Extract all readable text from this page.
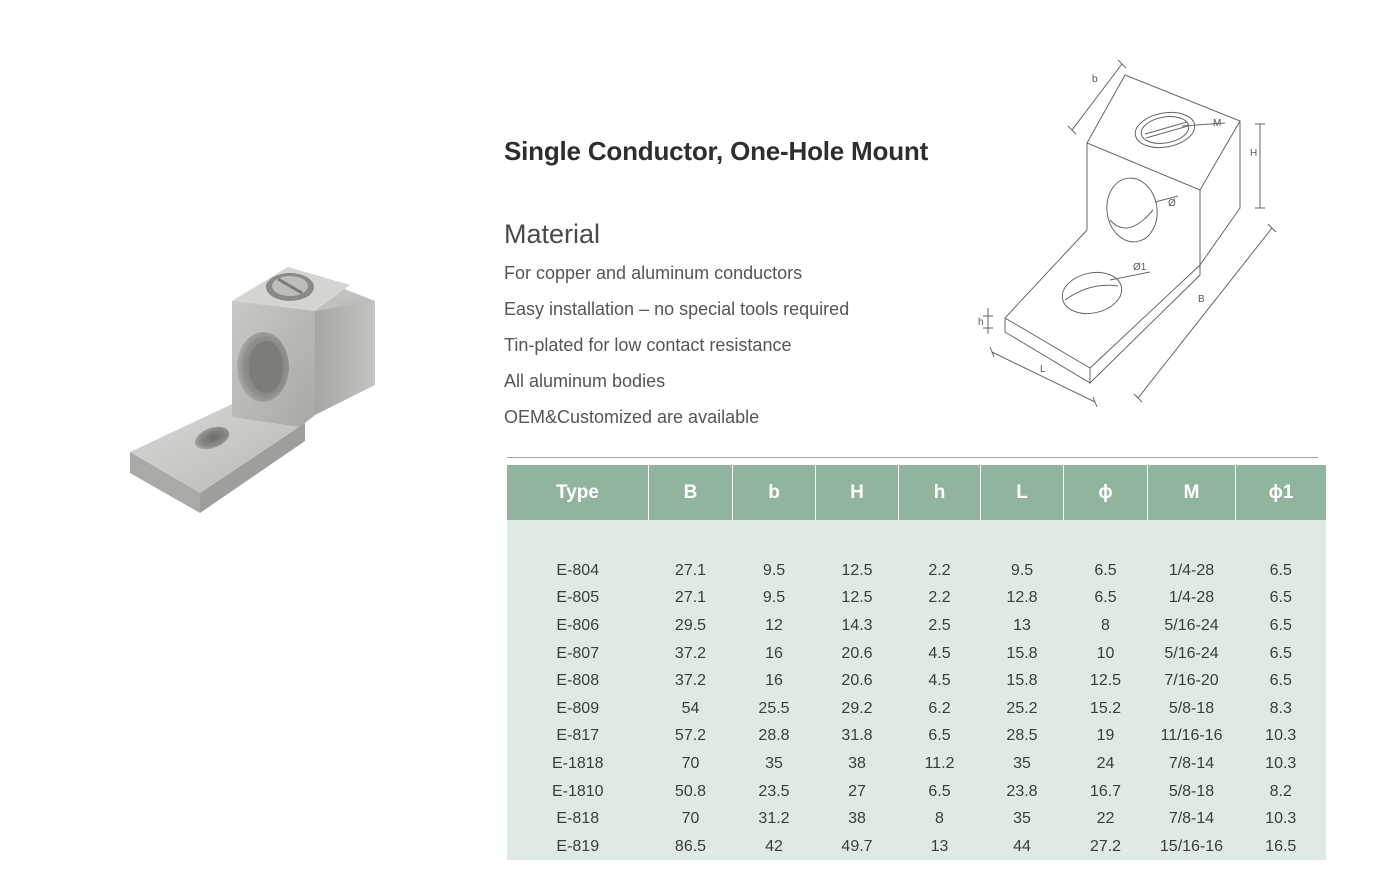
Single Conductor, One-Hole Mount
Material
For copper and aluminum conductors
Easy installation – no special tools required
Tin-plated for low contact resistance
All aluminum bodies
OEM&Customized are available
b
M
H
Ø
Ø1
h
L
B
Type	B	b	H	h	L	ϕ	M	ϕ1

E-804	27.1	9.5	12.5	2.2	9.5	6.5	1/4-28	6.5
E-805	27.1	9.5	12.5	2.2	12.8	6.5	1/4-28	6.5
E-806	29.5	12	14.3	2.5	13	8	5/16-24	6.5
E-807	37.2	16	20.6	4.5	15.8	10	5/16-24	6.5
E-808	37.2	16	20.6	4.5	15.8	12.5	7/16-20	6.5
E-809	54	25.5	29.2	6.2	25.2	15.2	5/8-18	8.3
E-817	57.2	28.8	31.8	6.5	28.5	19	11/16-16	10.3
E-1818	70	35	38	11.2	35	24	7/8-14	10.3
E-1810	50.8	23.5	27	6.5	23.8	16.7	5/8-18	8.2
E-818	70	31.2	38	8	35	22	7/8-14	10.3
E-819	86.5	42	49.7	13	44	27.2	15/16-16	16.5
